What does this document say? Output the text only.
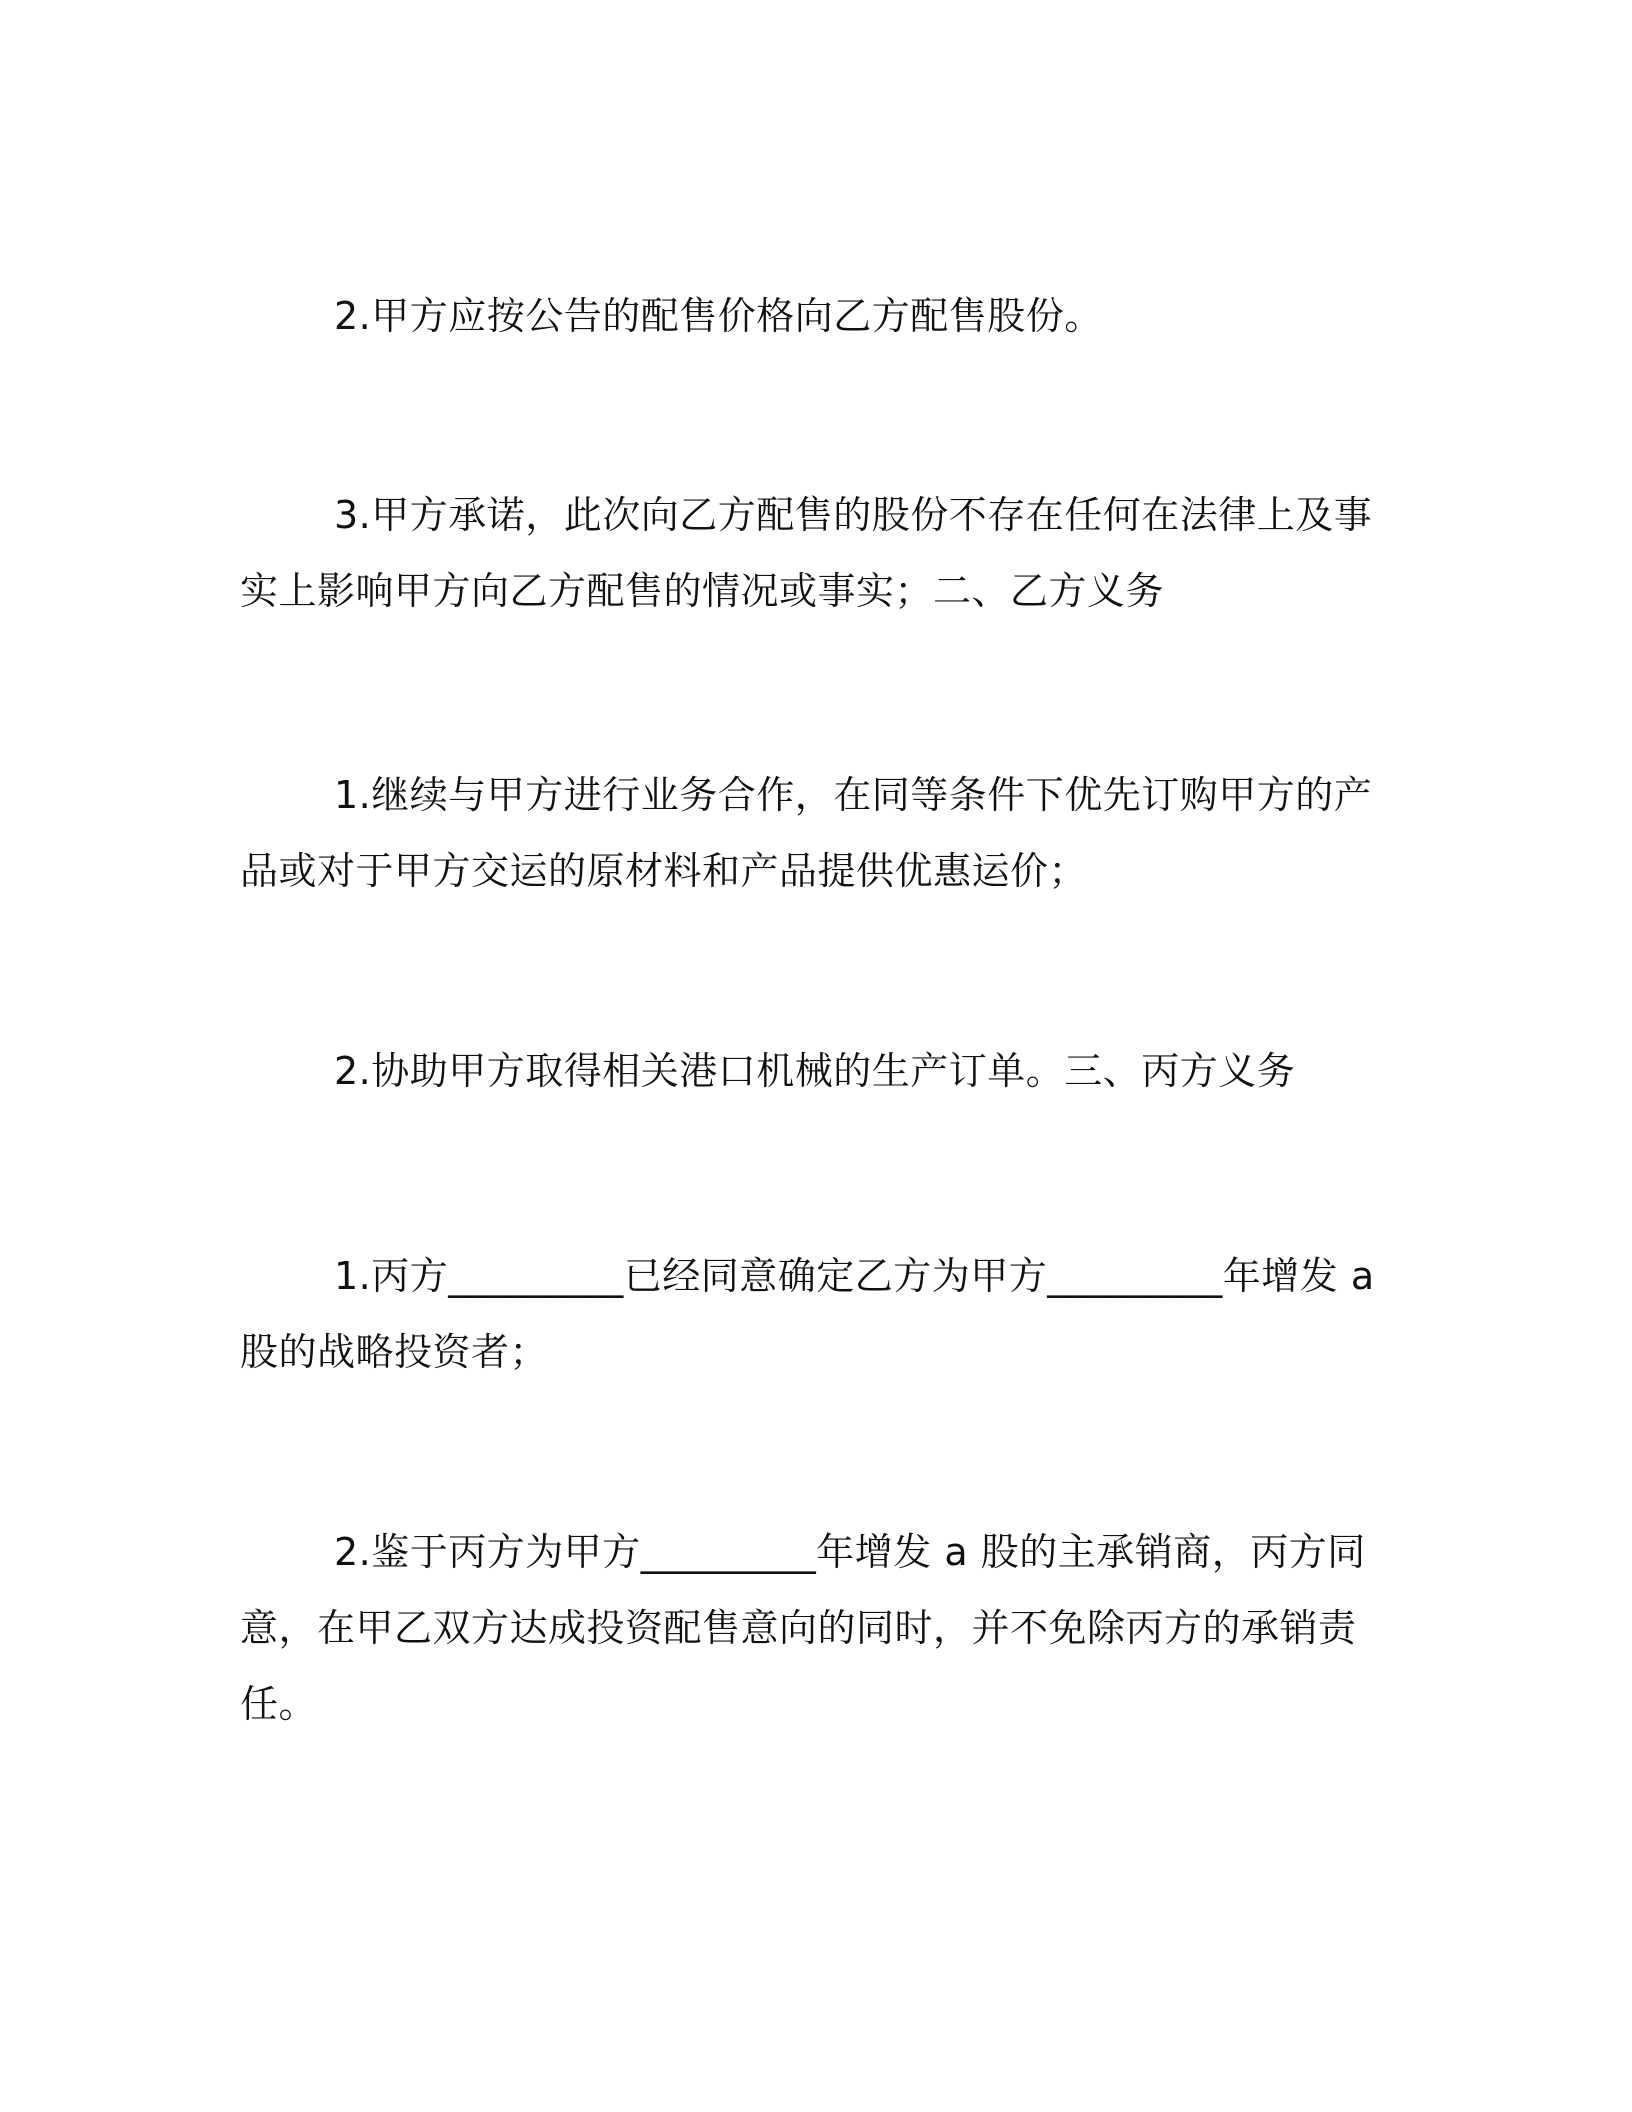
2.甲方应按公告的配售价格向乙方配售股份。

3.甲方承诺，此次向乙方配售的股份不存在任何在法律上及事实上影响甲方向乙方配售的情况或事实；二、乙方义务

1.继续与甲方进行业务合作，在同等条件下优先订购甲方的产品或对于甲方交运的原材料和产品提供优惠运价；

2.协助甲方取得相关港口机械的生产订单。三、丙方义务

1.丙方_________已经同意确定乙方为甲方_________年增发 a 股的战略投资者；

2.鉴于丙方为甲方_________年增发 a 股的主承销商，丙方同意，在甲乙双方达成投资配售意向的同时，并不免除丙方的承销责任。
